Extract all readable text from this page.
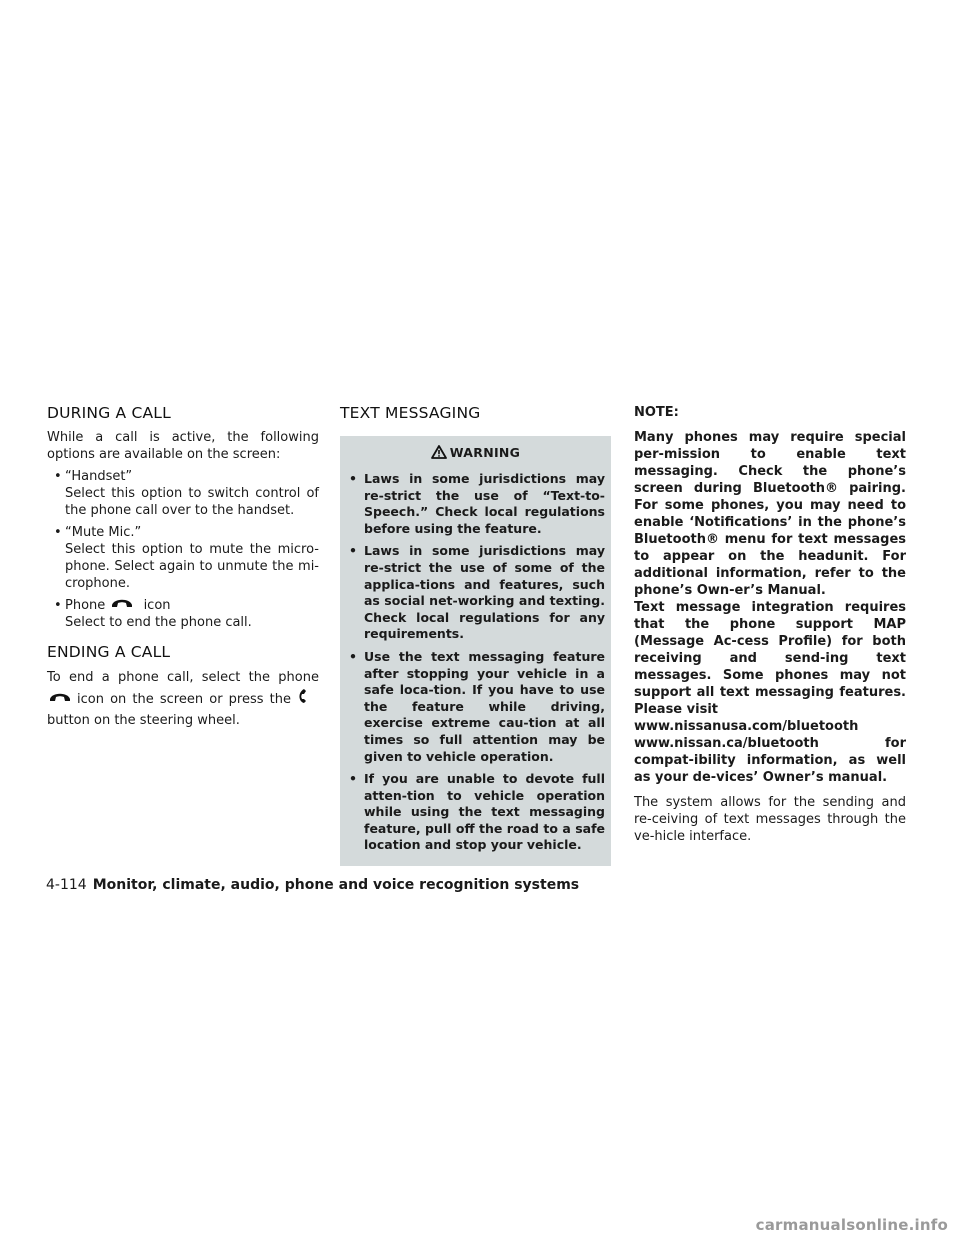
DURING A CALL

While a call is active, the following options are available on the screen:

• “Handset”
Select this option to switch control of the phone call over to the handset.
• “Mute Mic.”
Select this option to mute the micro-phone. Select again to unmute the mi-crophone.
• Phone	icon
Select to end the phone call.
ENDING A CALL

To end a phone call, select the phoneicon on the screen or press thebutton on the steering wheel.

TEXT MESSAGING
WARNING
• Laws in some jurisdictions may re-strict the use of “Text-to-Speech.” Check local regulations before using the feature.
• Laws in some jurisdictions may re-strict the use of some of the applica-tions and features, such as social net-working and texting. Check local regulations for any requirements.
• Use the text messaging feature after stopping your vehicle in a safe loca-tion. If you have to use the feature while driving, exercise extreme cau-tion at all times so full attention may be given to vehicle operation.
• If you are unable to devote full atten-tion to vehicle operation while using the text messaging feature, pull off the road to a safe location and stop your vehicle.
NOTE:
Many phones may require special per-mission to enable text messaging. Check the phone’s screen during Bluetooth® pairing. For some phones, you may need to enable ‘Notifications’ in the phone’s Bluetooth® menu for text messages to appear on the headunit. For additional information, refer to the phone’s Own-er’s Manual.
Text message integration requires that the phone support MAP (Message Ac-cess Profile) for both receiving and send-ing text messages. Some phones may not support all text messaging features. Please visit
www.nissanusa.com/bluetooth
www.nissan.ca/bluetooth for compat-ibility information, as well as your de-vices’ Owner’s manual.

The system allows for the sending and re-ceiving of text messages through the ve-hicle interface.

4-114 Monitor, climate, audio, phone and voice recognition systems
carmanualsonline.info
